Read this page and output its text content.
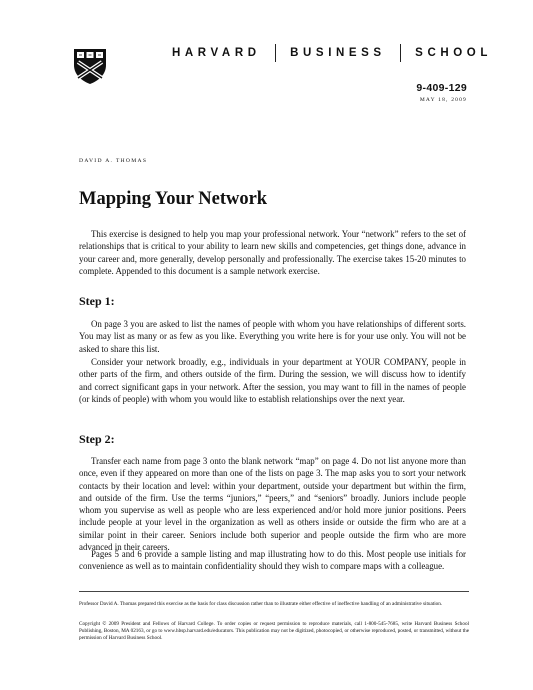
HARVARD	BUSINESS	SCHOOL
9-409-129
MAY 18, 2009
DAVID A. THOMAS
Mapping Your Network

This exercise is designed to help you map your professional network. Your “network” refers to the set of relationships that is critical to your ability to learn new skills and competencies, get things done, advance in your career and, more generally, develop personally and professionally. The exercise takes 15-20 minutes to complete. Appended to this document is a sample network exercise.

Step 1:

On page 3 you are asked to list the names of people with whom you have relationships of different sorts. You may list as many or as few as you like. Everything you write here is for your use only. You will not be asked to share this list.

Consider your network broadly, e.g., individuals in your department at YOUR COMPANY, people in other parts of the firm, and others outside of the firm. During the session, we will discuss how to identify and correct significant gaps in your network. After the session, you may want to fill in the names of people (or kinds of people) with whom you would like to establish relationships over the next year.

Step 2:

Transfer each name from page 3 onto the blank network “map” on page 4. Do not list anyone more than once, even if they appeared on more than one of the lists on page 3. The map asks you to sort your network contacts by their location and level: within your department, outside your department but within the firm, and outside of the firm. Use the terms “juniors,” “peers,” and “seniors” broadly. Juniors include people whom you supervise as well as people who are less experienced and/or hold more junior positions. Peers include people at your level in the organization as well as others inside or outside the firm who are at a similar point in their career. Seniors include both superior and people outside the firm who are more advanced in their careers.

Pages 5 and 6 provide a sample listing and map illustrating how to do this. Most people use initials for convenience as well as to maintain confidentiality should they wish to compare maps with a colleague.

Professor David A. Thomas prepared this exercise as the basis for class discussion rather than to illustrate either effective of ineffective handling of an administrative situation.

Copyright © 2009 President and Fellows of Harvard College. To order copies or request permission to reproduce materials, call 1-800-545-7685, write Harvard Business School Publishing, Boston, MA 02163, or go to www.hbsp.harvard.edu/educators. This publication may not be digitized, photocopied, or otherwise reproduced, posted, or transmitted, without the permission of Harvard Business School.
